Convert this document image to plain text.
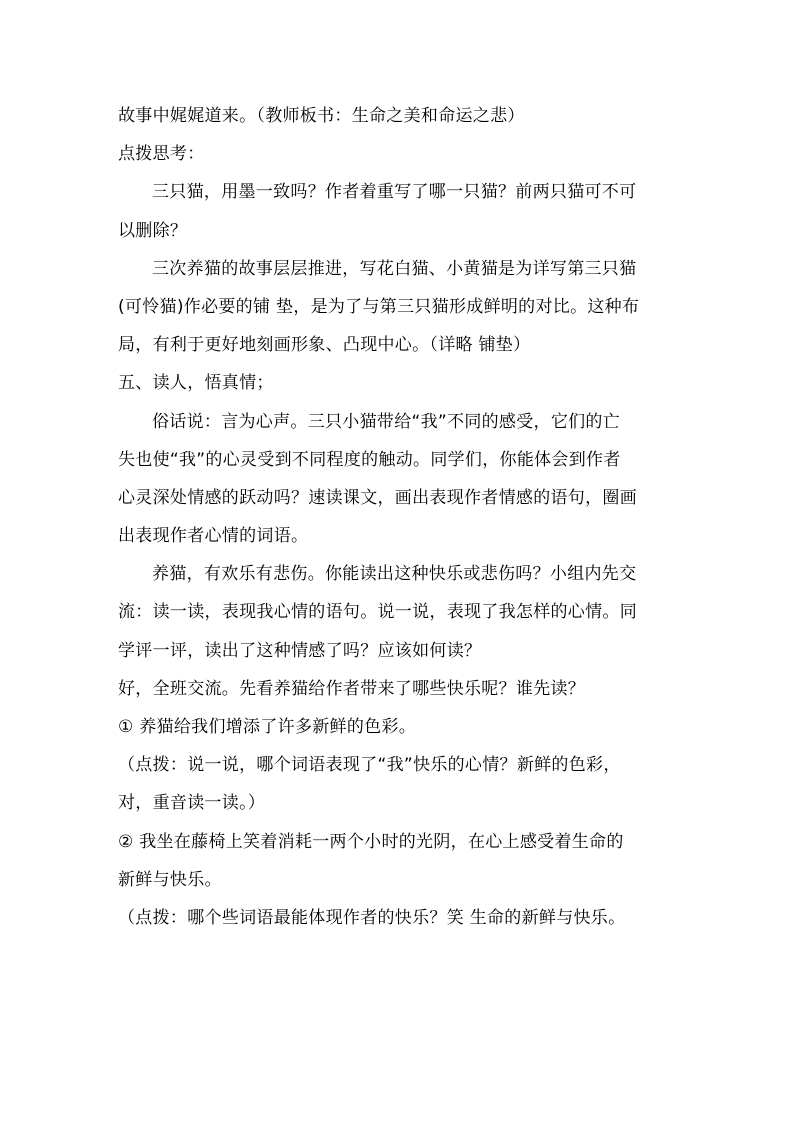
故事中娓娓道来。（教师板书：生命之美和命运之悲）
点拨思考：
三只猫，用墨一致吗？作者着重写了哪一只猫？前两只猫可不可
以删除？
三次养猫的故事层层推进，写花白猫、小黄猫是为详写第三只猫
(可怜猫)作必要的铺 垫，是为了与第三只猫形成鲜明的对比。这种布
局，有利于更好地刻画形象、凸现中心。（详略 铺垫）
五、读人，悟真情；
俗话说：言为心声。三只小猫带给“我”不同的感受，它们的亡
失也使“我”的心灵受到不同程度的触动。同学们，你能体会到作者
心灵深处情感的跃动吗？速读课文，画出表现作者情感的语句，圈画
出表现作者心情的词语。
养猫，有欢乐有悲伤。你能读出这种快乐或悲伤吗？小组内先交
流：读一读，表现我心情的语句。说一说，表现了我怎样的心情。同
学评一评，读出了这种情感了吗？应该如何读？
好，全班交流。先看养猫给作者带来了哪些快乐呢？谁先读？
① 养猫给我们增添了许多新鲜的色彩。
（点拨：说一说，哪个词语表现了“我”快乐的心情？新鲜的色彩，
对，重音读一读。）
② 我坐在藤椅上笑着消耗一两个小时的光阴，在心上感受着生命的
新鲜与快乐。
（点拨：哪个些词语最能体现作者的快乐？笑 生命的新鲜与快乐。
